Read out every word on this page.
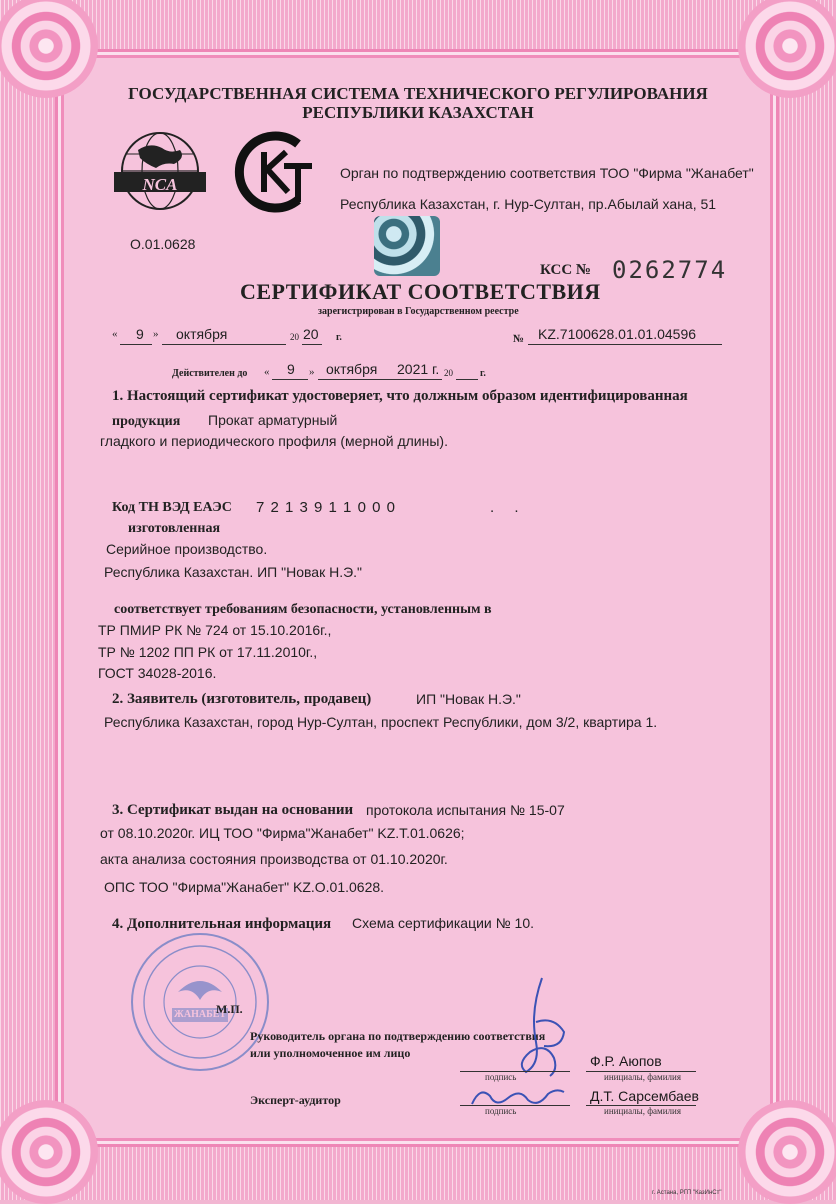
ГОСУДАРСТВЕННАЯ СИСТЕМА ТЕХНИЧЕСКОГО РЕГУЛИРОВАНИЯ
РЕСПУБЛИКИ КАЗАХСТАН
NCA
O.01.0628
Орган по подтверждению соответствия ТОО "Фирма "Жанабет"
Республика Казахстан, г. Нур-Султан, пр.Абылай хана, 51
КСС № 0262774
СЕРТИФИКАТ СООТВЕТСТВИЯ
зарегистрирован в Государственном реестре
« 9 » октября	20 20 г.	№ KZ.7100628.01.01.04596
Действителен до « 9 » октября 2021 г. 20	г.
1. Настоящий сертификат удостоверяет, что должным образом идентифицированная
продукция Прокат арматурный
гладкого и периодического профиля (мерной длины).
Код ТН ВЭД ЕАЭС 7 2 1 3 9 1 1 0 0 0	. .
изготовленная
Серийное производство.
Республика Казахстан. ИП "Новак Н.Э."
соответствует требованиям безопасности, установленным в
ТР ПМИР РК № 724 от 15.10.2016г.,
ТР № 1202 ПП РК от 17.11.2010г.,
ГОСТ 34028-2016.
2. Заявитель (изготовитель, продавец)	ИП "Новак Н.Э."
Республика Казахстан, город Нур-Султан, проспект Республики, дом 3/2, квартира 1.
3. Сертификат выдан на основании протокола испытания № 15-07
от 08.10.2020г. ИЦ ТОО "Фирма"Жанабет" KZ.T.01.0626;
акта анализа состояния производства от 01.10.2020г.
ОПС ТОО "Фирма"Жанабет" KZ.O.01.0628.
4. Дополнительная информация Схема сертификации № 10.
ЖАНАБЕТ
М.П.
Руководитель органа по подтверждению соответствия
или уполномоченное им лицо
подпись
Ф.Р. Аюпов
инициалы, фамилия
Эксперт-аудитор
подпись
Д.Т. Сарсембаев
инициалы, фамилия
г. Астана, РГП "КазИнСт"
